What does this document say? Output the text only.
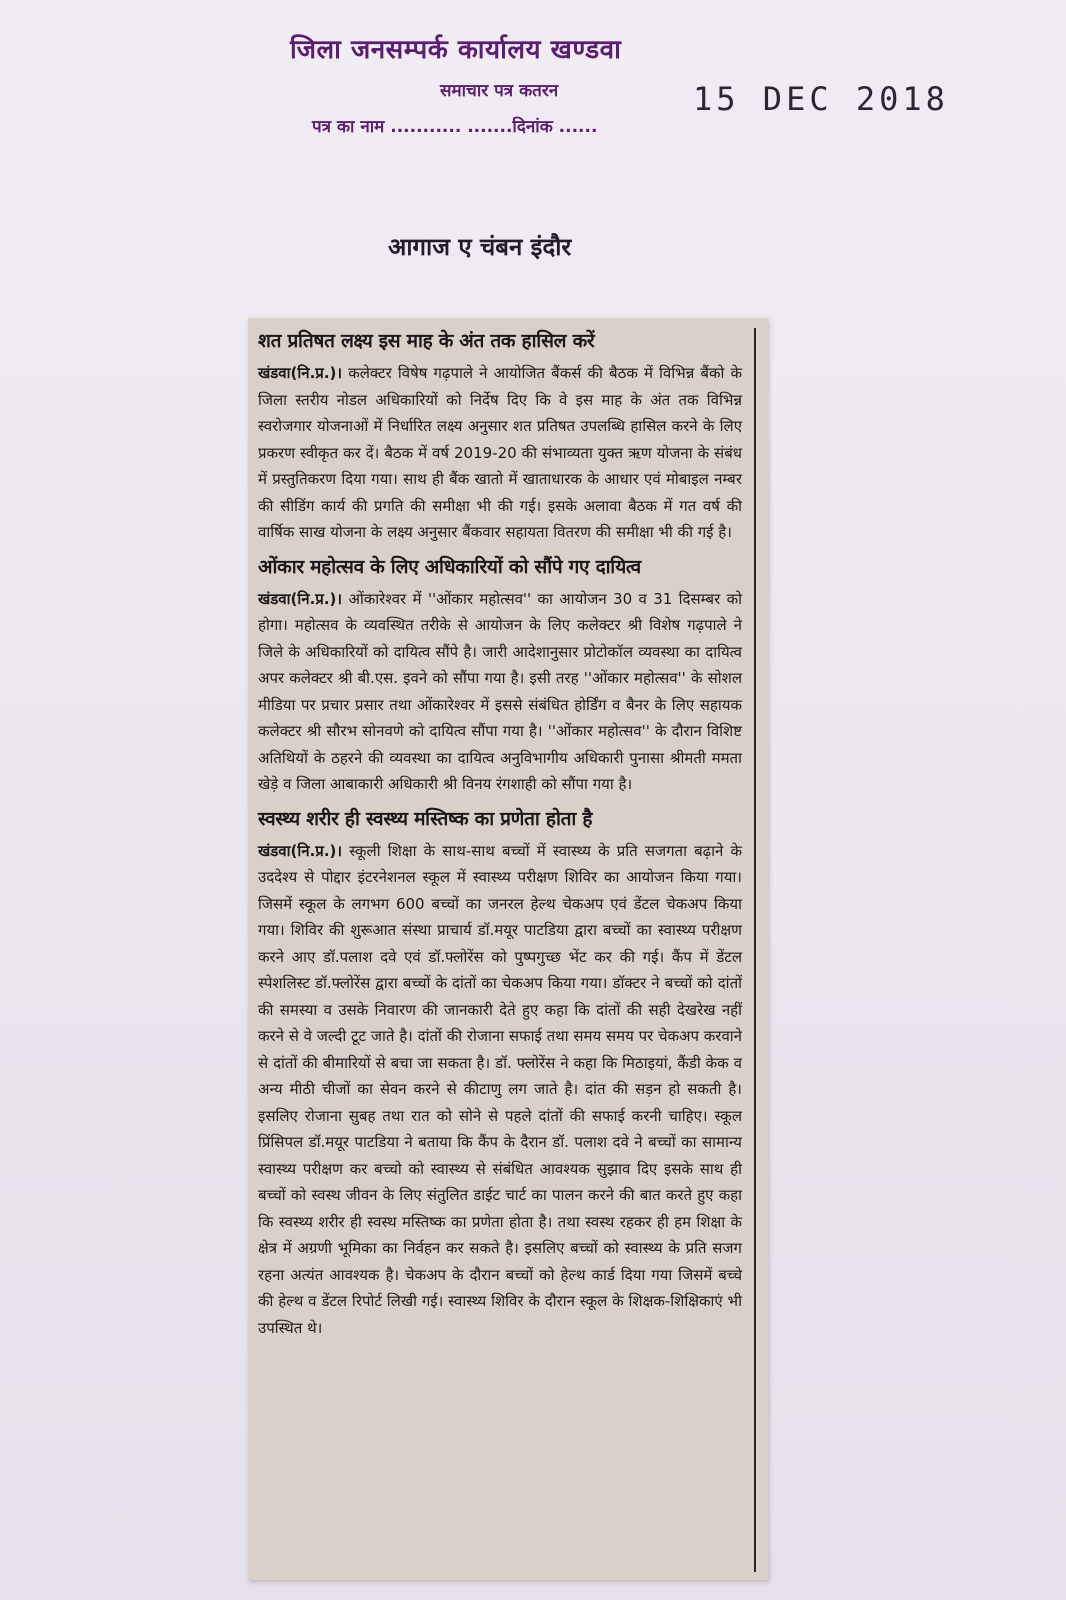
जिला जनसम्पर्क कार्यालय खण्डवा
समाचार पत्र कतरन
पत्र का नाम ........... .......दिनांक ......
15 DEC 2018
आगाज ए चंबन इंदौर
शत प्रतिषत लक्ष्य इस माह के अंत तक हासिल करें

खंडवा(नि.प्र.)। कलेक्टर विषेष गढ़पाले ने आयोजित बैंकर्स की बैठक में विभिन्न बैंको के जिला स्तरीय नोडल अधिकारियों को निर्देष दिए कि वे इस माह के अंत तक विभिन्न स्वरोजगार योजनाओं में निर्धारित लक्ष्य अनुसार शत प्रतिषत उपलब्धि हासिल करने के लिए प्रकरण स्वीकृत कर दें। बैठक में वर्ष 2019-20 की संभाव्यता युक्त ऋण योजना के संबंध में प्रस्तुतिकरण दिया गया। साथ ही बैंक खातो में खाताधारक के आधार एवं मोबाइल नम्बर की सीडिंग कार्य की प्रगति की समीक्षा भी की गई। इसके अलावा बैठक में गत वर्ष की वार्षिक साख योजना के लक्ष्य अनुसार बैंकवार सहायता वितरण की समीक्षा भी की गई है।

ओंकार महोत्सव के लिए अधिकारियों को सौंपे गए दायित्व

खंडवा(नि.प्र.)। ओंकारेश्वर में ''ओंकार महोत्सव'' का आयोजन 30 व 31 दिसम्बर को होगा। महोत्सव के व्यवस्थित तरीके से आयोजन के लिए कलेक्टर श्री विशेष गढ़पाले ने जिले के अधिकारियों को दायित्व सौंपे है। जारी आदेशानुसार प्रोटोकॉल व्यवस्था का दायित्व अपर कलेक्टर श्री बी.एस. इवने को सौंपा गया है। इसी तरह ''ओंकार महोत्सव'' के सोशल मीडिया पर प्रचार प्रसार तथा ओंकारेश्वर में इससे संबंधित होर्डिंग व बैनर के लिए सहायक कलेक्टर श्री सौरभ सोनवणे को दायित्व सौंपा गया है। ''ओंकार महोत्सव'' के दौरान विशिष्ट अतिथियों के ठहरने की व्यवस्था का दायित्व अनुविभागीय अधिकारी पुनासा श्रीमती ममता खेड़े व जिला आबाकारी अधिकारी श्री विनय रंगशाही को सौंपा गया है।

स्वस्थ्य शरीर ही स्वस्थ्य मस्तिष्क का प्रणेता होता है

खंडवा(नि.प्र.)। स्कूली शिक्षा के साथ-साथ बच्चों में स्वास्थ्य के प्रति सजगता बढ़ाने के उददेश्य से पोद्दार इंटरनेशनल स्कूल में स्वास्थ्य परीक्षण शिविर का आयोजन किया गया। जिसमें स्कूल के लगभग 600 बच्चों का जनरल हेल्थ चेकअप एवं डेंटल चेकअप किया गया। शिविर की शुरूआत संस्था प्राचार्य डॉ.मयूर पाटडिया द्वारा बच्चों का स्वास्थ्य परीक्षण करने आए डॉ.पलाश दवे एवं डॉ.फ्लोरेंस को पुष्पगुच्छ भेंट कर की गई। कैंप में डेंटल स्पेशलिस्ट डॉ.फ्लोरेंस द्वारा बच्चों के दांतों का चेकअप किया गया। डॉक्टर ने बच्चों को दांतों की समस्या व उसके निवारण की जानकारी देते हुए कहा कि दांतों की सही देखरेख नहीं करने से वे जल्दी टूट जाते है। दांतों की रोजाना सफाई तथा समय समय पर चेकअप करवाने से दांतों की बीमारियों से बचा जा सकता है। डॉ. फ्लोरेंस ने कहा कि मिठाइयां, कैंडी केक व अन्य मीठी चीजों का सेवन करने से कीटाणु लग जाते है। दांत की सड़न हो सकती है। इसलिए रोजाना सुबह तथा रात को सोने से पहले दांतों की सफाई करनी चाहिए। स्कूल प्रिंसिपल डॉ.मयूर पाटडिया ने बताया कि कैंप के दैरान डॉ. पलाश दवे ने बच्चों का सामान्य स्वास्थ्य परीक्षण कर बच्चो को स्वास्थ्य से संबंधित आवश्यक सुझाव दिए इसके साथ ही बच्चों को स्वस्थ जीवन के लिए संतुलित डाईट चार्ट का पालन करने की बात करते हुए कहा कि स्वस्थ्य शरीर ही स्वस्थ मस्तिष्क का प्रणेता होता है। तथा स्वस्थ रहकर ही हम शिक्षा के क्षेत्र में अग्रणी भूमिका का निर्वहन कर सकते है। इसलिए बच्चों को स्वास्थ्य के प्रति सजग रहना अत्यंत आवश्यक है। चेकअप के दौरान बच्चों को हेल्थ कार्ड दिया गया जिसमें बच्चे की हेल्थ व डेंटल रिपोर्ट लिखी गई। स्वास्थ्य शिविर के दौरान स्कूल के शिक्षक-शिक्षिकाएं भी उपस्थित थे।
